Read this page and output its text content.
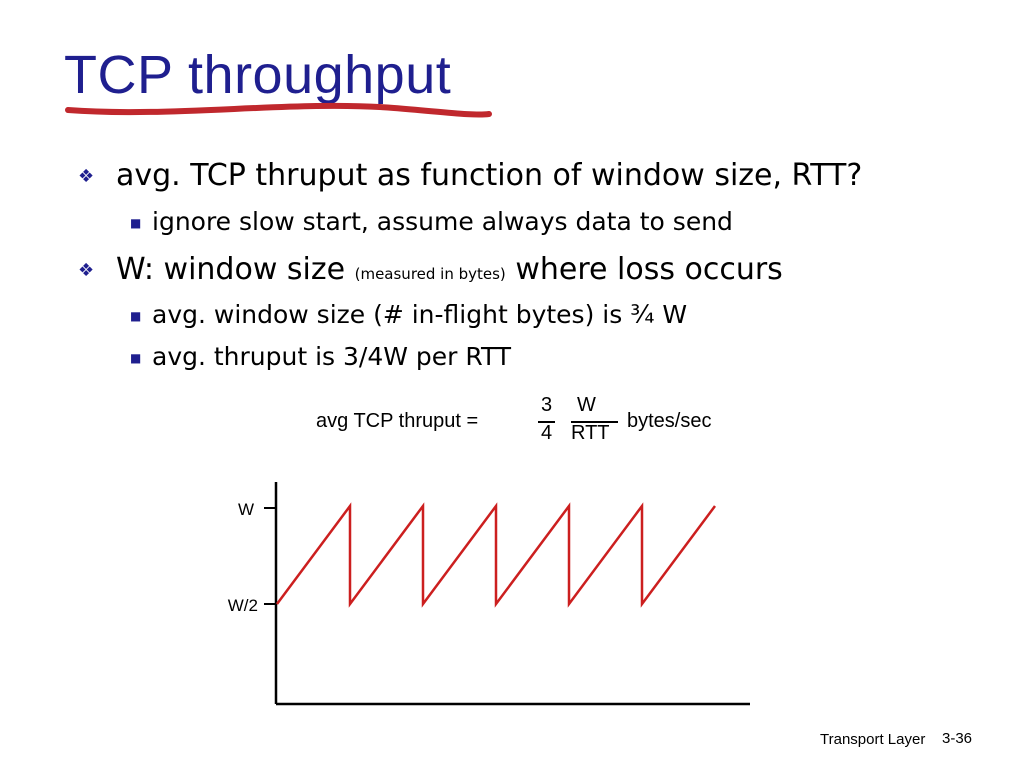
TCP throughput
❖ avg. TCP thruput as function of window size, RTT?
■ ignore slow start, assume always data to send
❖ W: window size (measured in bytes) where loss occurs
■ avg. window size (# in-flight bytes) is ¾ W
■ avg. thruput is 3/4W per RTT
avg TCP thruput =
3
4
W
RTT
bytes/sec
W
W/2
Transport Layer 3-36
